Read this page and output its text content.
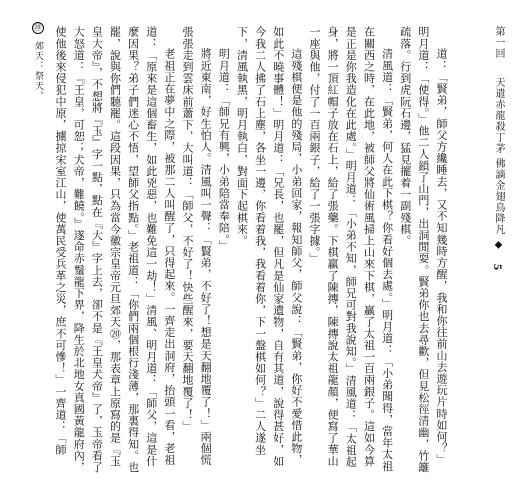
第一回 天遣赤龍殺丁茅 佛謫金翅鳥降凡 ◆ 5

道：「賢弟，師父方纔睡去，又不知幾時方醒，我和你往前山去遊玩片時如何？」明月道：「使得。」他二人鎖了山門，出洞閒耍。賢弟你也去尋歡，但見松徑清幽，竹籬疏落。行到虎阮石邊，猛見擺着一副殘棋。

清風道：「賢弟，何人在此下棋？你看好個去處。」明月道：「小弟聞得，當年太祖在關西之時，在此地，被師父將仙術風掃上山來下棋，贏了太祖一百兩銀子。這如今算是正是你我造化在此處。」明月道：「小弟不知，師兄可對我說知。」清風道：「太祖起身，將一頂紅帽子放在石上，給了張藥。下棋贏了陳摶，陳摶說太祖龍顏，便寫了華山一座與他，付了一百兩銀子，給了一張字據。」

這殘棋便是他的殘局，小弟回家，報知師父，師父說：「賢弟，你好不愛惜此物，如此不曉事體！」明月道：「兄長，也罷，但凡是仙家遺物，自有其道，說得甚好，如今我二人拂了石上塵，各坐一邊，你看着我，我看着你，下一盤棋如何？」二人遂坐下，清風執黑，明月執白，對面下起棋來。

明月道：「師兄有興，小弟陪當奉陪。」

將近東南，好生怕人。清風叫一聲：「賢弟，不好了！想是天翻地覆了！」兩個慌張張走到雲床前蕭下，大叫道：「師父，不好了！快些醒來，要天翻地覆了！」

老祖正在夢中之際，被那二人叫醒了，只得起來。一齊走出洞府，抬頭一看，老祖道：「原來是這個畜生，如此兇惡，也難免這一劫！」清風、明月道：「師父，這是什麼因果？弟子們迷心不悟，望師父指點。」老祖道：「你們兩個根行淺薄，那裏得知。也罷，說與你們聽罷。這段因果，只為當今徽宗皇帝元旦郊天⑳，那表章上原寫的是『玉皇大帝』，不想將『玉』字一點，點在『大』字上去，卻不是『王皇犬帝』了，玉帝看了大怒道：『王皇，可恕；犬帝，難饒。』遂命赤鬚龍下界，降生於北地女真國黃龍府內，使他後來侵犯中原，擄掠宋室江山，使萬民受兵革之災，庶不可慘！」一齊道：「師

⑳ 郊天：祭天。
